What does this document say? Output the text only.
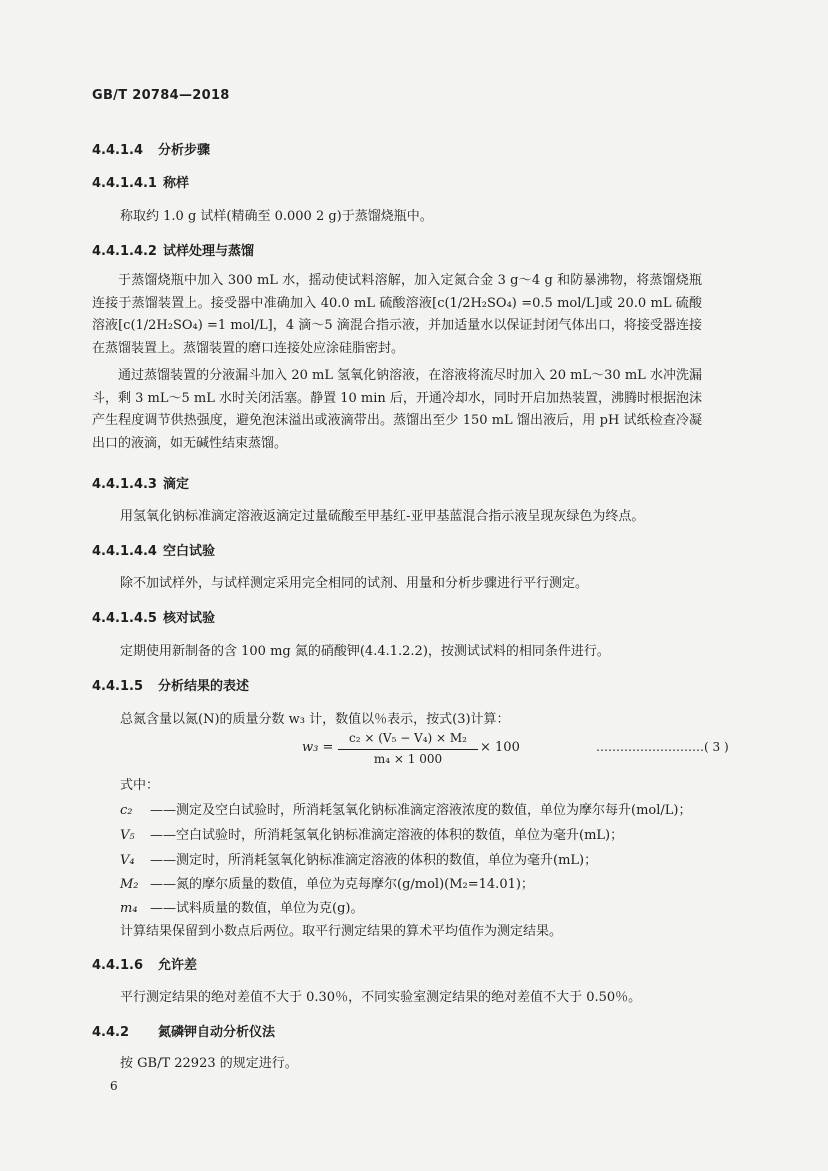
GB/T 20784—2018
4.4.1.4 分析步骤
4.4.1.4.1 称样
称取约 1.0 g 试样(精确至 0.000 2 g)于蒸馏烧瓶中。
4.4.1.4.2 试样处理与蒸馏
于蒸馏烧瓶中加入 300 mL 水，摇动使试料溶解，加入定氮合金 3 g～4 g 和防暴沸物，将蒸馏烧瓶连接于蒸馏装置上。接受器中准确加入 40.0 mL 硫酸溶液[c(1/2H₂SO₄) =0.5 mol/L]或 20.0 mL 硫酸溶液[c(1/2H₂SO₄) =1 mol/L]，4 滴～5 滴混合指示液，并加适量水以保证封闭气体出口，将接受器连接在蒸馏装置上。蒸馏装置的磨口连接处应涂硅脂密封。
通过蒸馏装置的分液漏斗加入 20 mL 氢氧化钠溶液，在溶液将流尽时加入 20 mL～30 mL 水冲洗漏斗，剩 3 mL～5 mL 水时关闭活塞。静置 10 min 后，开通冷却水，同时开启加热装置，沸腾时根据泡沫产生程度调节供热强度，避免泡沫溢出或液滴带出。蒸馏出至少 150 mL 馏出液后，用 pH 试纸检查冷凝出口的液滴，如无碱性结束蒸馏。
4.4.1.4.3 滴定
用氢氧化钠标准滴定溶液返滴定过量硫酸至甲基红-亚甲基蓝混合指示液呈现灰绿色为终点。
4.4.1.4.4 空白试验
除不加试样外，与试样测定采用完全相同的试剂、用量和分析步骤进行平行测定。
4.4.1.4.5 核对试验
定期使用新制备的含 100 mg 氮的硝酸钾(4.4.1.2.2)，按测试试料的相同条件进行。
4.4.1.5 分析结果的表述
总氮含量以氮(N)的质量分数 w₃ 计，数值以％表示，按式(3)计算：
w₃ =
c₂ × (V₅ − V₄) × M₂
m₄ × 1 000
× 100	………………………( 3 )
式中：
c₂ ——测定及空白试验时，所消耗氢氧化钠标准滴定溶液浓度的数值，单位为摩尔每升(mol/L)；
V₅ ——空白试验时，所消耗氢氧化钠标准滴定溶液的体积的数值，单位为毫升(mL)；
V₄ ——测定时，所消耗氢氧化钠标准滴定溶液的体积的数值，单位为毫升(mL)；
M₂ ——氮的摩尔质量的数值，单位为克每摩尔(g/mol)(M₂=14.01)；
m₄ ——试料质量的数值，单位为克(g)。
计算结果保留到小数点后两位。取平行测定结果的算术平均值作为测定结果。
4.4.1.6 允许差
平行测定结果的绝对差值不大于 0.30％，不同实验室测定结果的绝对差值不大于 0.50％。
4.4.2 氮磷钾自动分析仪法
按 GB/T 22923 的规定进行。
6
